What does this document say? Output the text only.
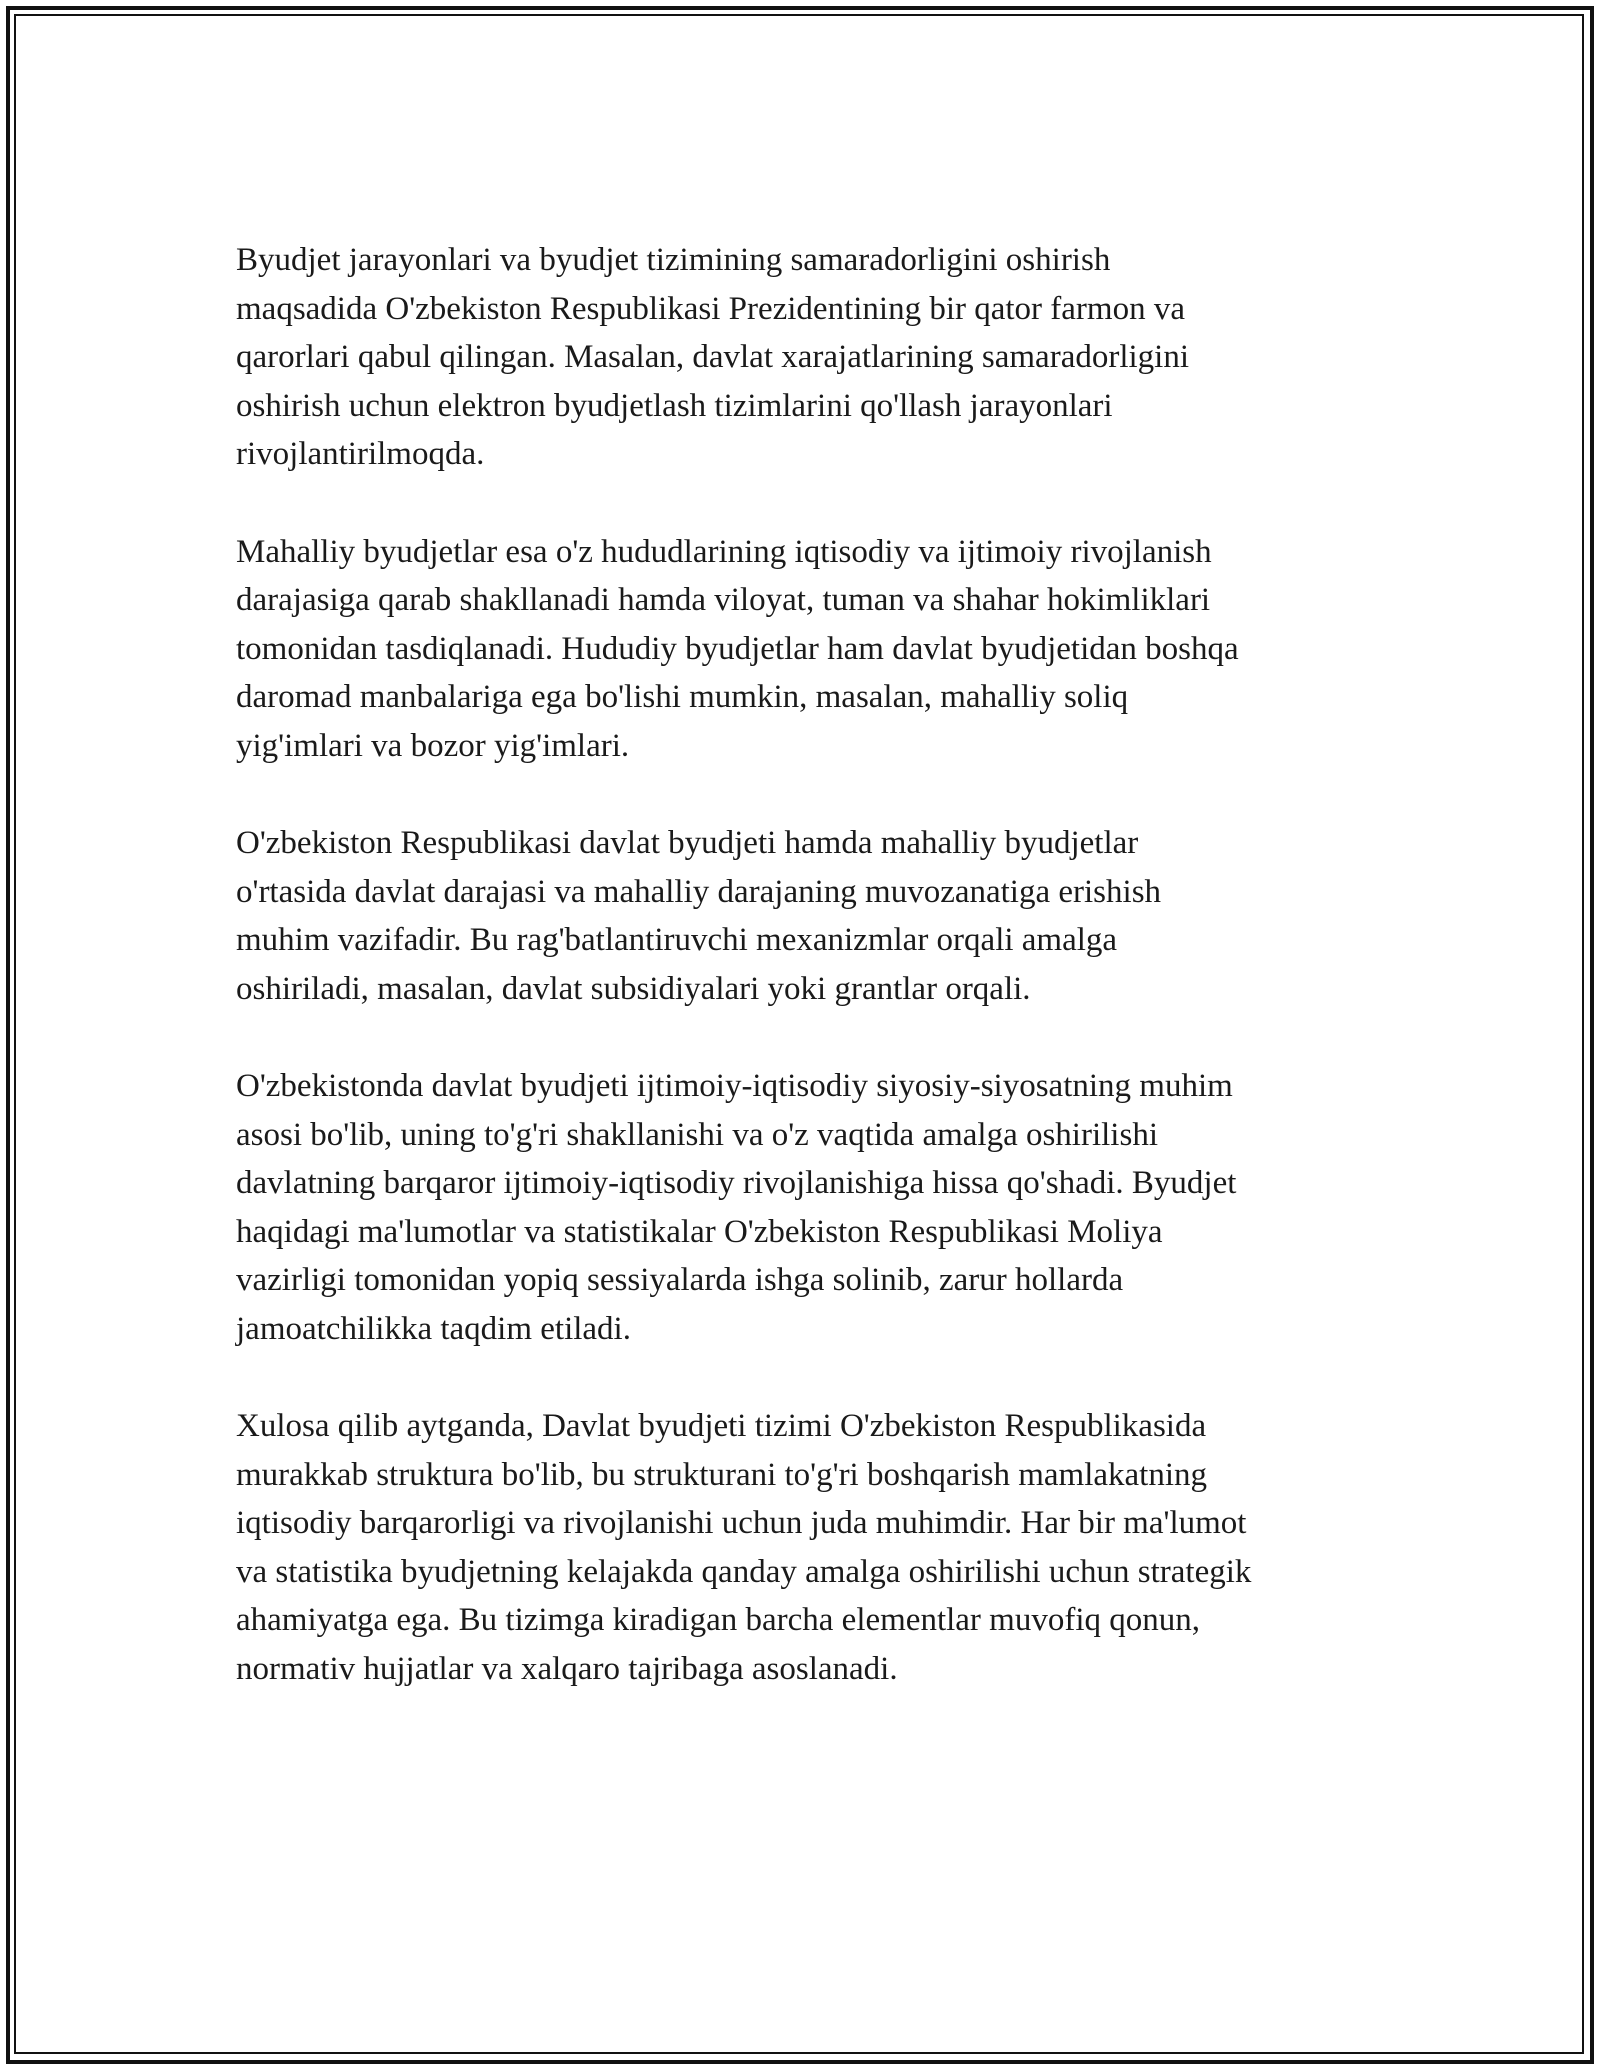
Byudjet jarayonlari va byudjet tizimining samaradorligini oshirish
maqsadida O'zbekiston Respublikasi Prezidentining bir qator farmon va
qarorlari qabul qilingan. Masalan, davlat xarajatlarining samaradorligini
oshirish uchun elektron byudjetlash tizimlarini qo'llash jarayonlari
rivojlantirilmoqda.

Mahalliy byudjetlar esa o'z hududlarining iqtisodiy va ijtimoiy rivojlanish
darajasiga qarab shakllanadi hamda viloyat, tuman va shahar hokimliklari
tomonidan tasdiqlanadi. Hududiy byudjetlar ham davlat byudjetidan boshqa
daromad manbalariga ega bo'lishi mumkin, masalan, mahalliy soliq
yig'imlari va bozor yig'imlari.

O'zbekiston Respublikasi davlat byudjeti hamda mahalliy byudjetlar
o'rtasida davlat darajasi va mahalliy darajaning muvozanatiga erishish
muhim vazifadir. Bu rag'batlantiruvchi mexanizmlar orqali amalga
oshiriladi, masalan, davlat subsidiyalari yoki grantlar orqali.

O'zbekistonda davlat byudjeti ijtimoiy-iqtisodiy siyosiy-siyosatning muhim
asosi bo'lib, uning to'g'ri shakllanishi va o'z vaqtida amalga oshirilishi
davlatning barqaror ijtimoiy-iqtisodiy rivojlanishiga hissa qo'shadi. Byudjet
haqidagi ma'lumotlar va statistikalar O'zbekiston Respublikasi Moliya
vazirligi tomonidan yopiq sessiyalarda ishga solinib, zarur hollarda
jamoatchilikka taqdim etiladi.

Xulosa qilib aytganda, Davlat byudjeti tizimi O'zbekiston Respublikasida
murakkab struktura bo'lib, bu strukturani to'g'ri boshqarish mamlakatning
iqtisodiy barqarorligi va rivojlanishi uchun juda muhimdir. Har bir ma'lumot
va statistika byudjetning kelajakda qanday amalga oshirilishi uchun strategik
ahamiyatga ega. Bu tizimga kiradigan barcha elementlar muvofiq qonun,
normativ hujjatlar va xalqaro tajribaga asoslanadi.
